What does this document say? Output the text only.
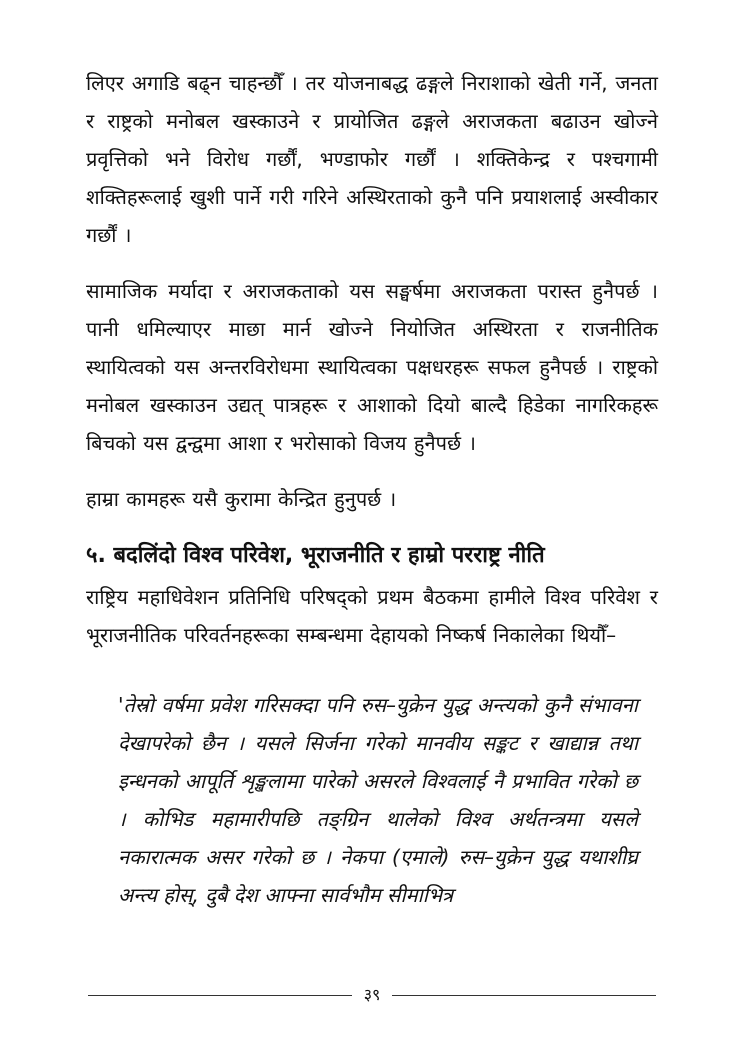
लिएर अगाडि बढ्न चाहन्छौँ । तर योजनाबद्ध ढङ्गले निराशाको खेती गर्ने, जनता र राष्ट्रको मनोबल खस्काउने र प्रायोजित ढङ्गले अराजकता बढाउन खोज्ने प्रवृत्तिको भने विरोध गर्छौं, भण्डाफोर गर्छौं । शक्तिकेन्द्र र पश्चगामी शक्तिहरूलाई खुशी पार्ने गरी गरिने अस्थिरताको कुनै पनि प्रयाशलाई अस्वीकार गर्छौं ।

सामाजिक मर्यादा र अराजकताको यस सङ्घर्षमा अराजकता परास्त हुनैपर्छ । पानी धमिल्याएर माछा मार्न खोज्ने नियोजित अस्थिरता र राजनीतिक स्थायित्वको यस अन्तरविरोधमा स्थायित्वका पक्षधरहरू सफल हुनैपर्छ । राष्ट्रको मनोबल खस्काउन उद्यत् पात्रहरू र आशाको दियो बाल्दै हिडेका नागरिकहरू बिचको यस द्वन्द्वमा आशा र भरोसाको विजय हुनैपर्छ ।

हाम्रा कामहरू यसै कुरामा केन्द्रित हुनुपर्छ ।

५. बदलिंदो विश्व परिवेश, भूराजनीति र हाम्रो परराष्ट्र नीति

राष्ट्रिय महाधिवेशन प्रतिनिधि परिषद्को प्रथम बैठकमा हामीले विश्व परिवेश र भूराजनीतिक परिवर्तनहरूका सम्बन्धमा देहायको निष्कर्ष निकालेका थियौँ–

'तेस्रो वर्षमा प्रवेश गरिसक्दा पनि रुस–युक्रेन युद्ध अन्त्यको कुनै संभावना देखापरेको छैन । यसले सिर्जना गरेको मानवीय सङ्कट र खाद्यान्न तथा इन्धनको आपूर्ति शृङ्खलामा पारेको असरले विश्वलाई नै प्रभावित गरेको छ । कोभिड महामारीपछि तङ्ग्रिन थालेको विश्व अर्थतन्त्रमा यसले नकारात्मक असर गरेको छ । नेकपा (एमाले) रुस–युक्रेन युद्ध यथाशीघ्र अन्त्य होस्, दुबै देश आफ्ना सार्वभौम सीमाभित्र

३९
